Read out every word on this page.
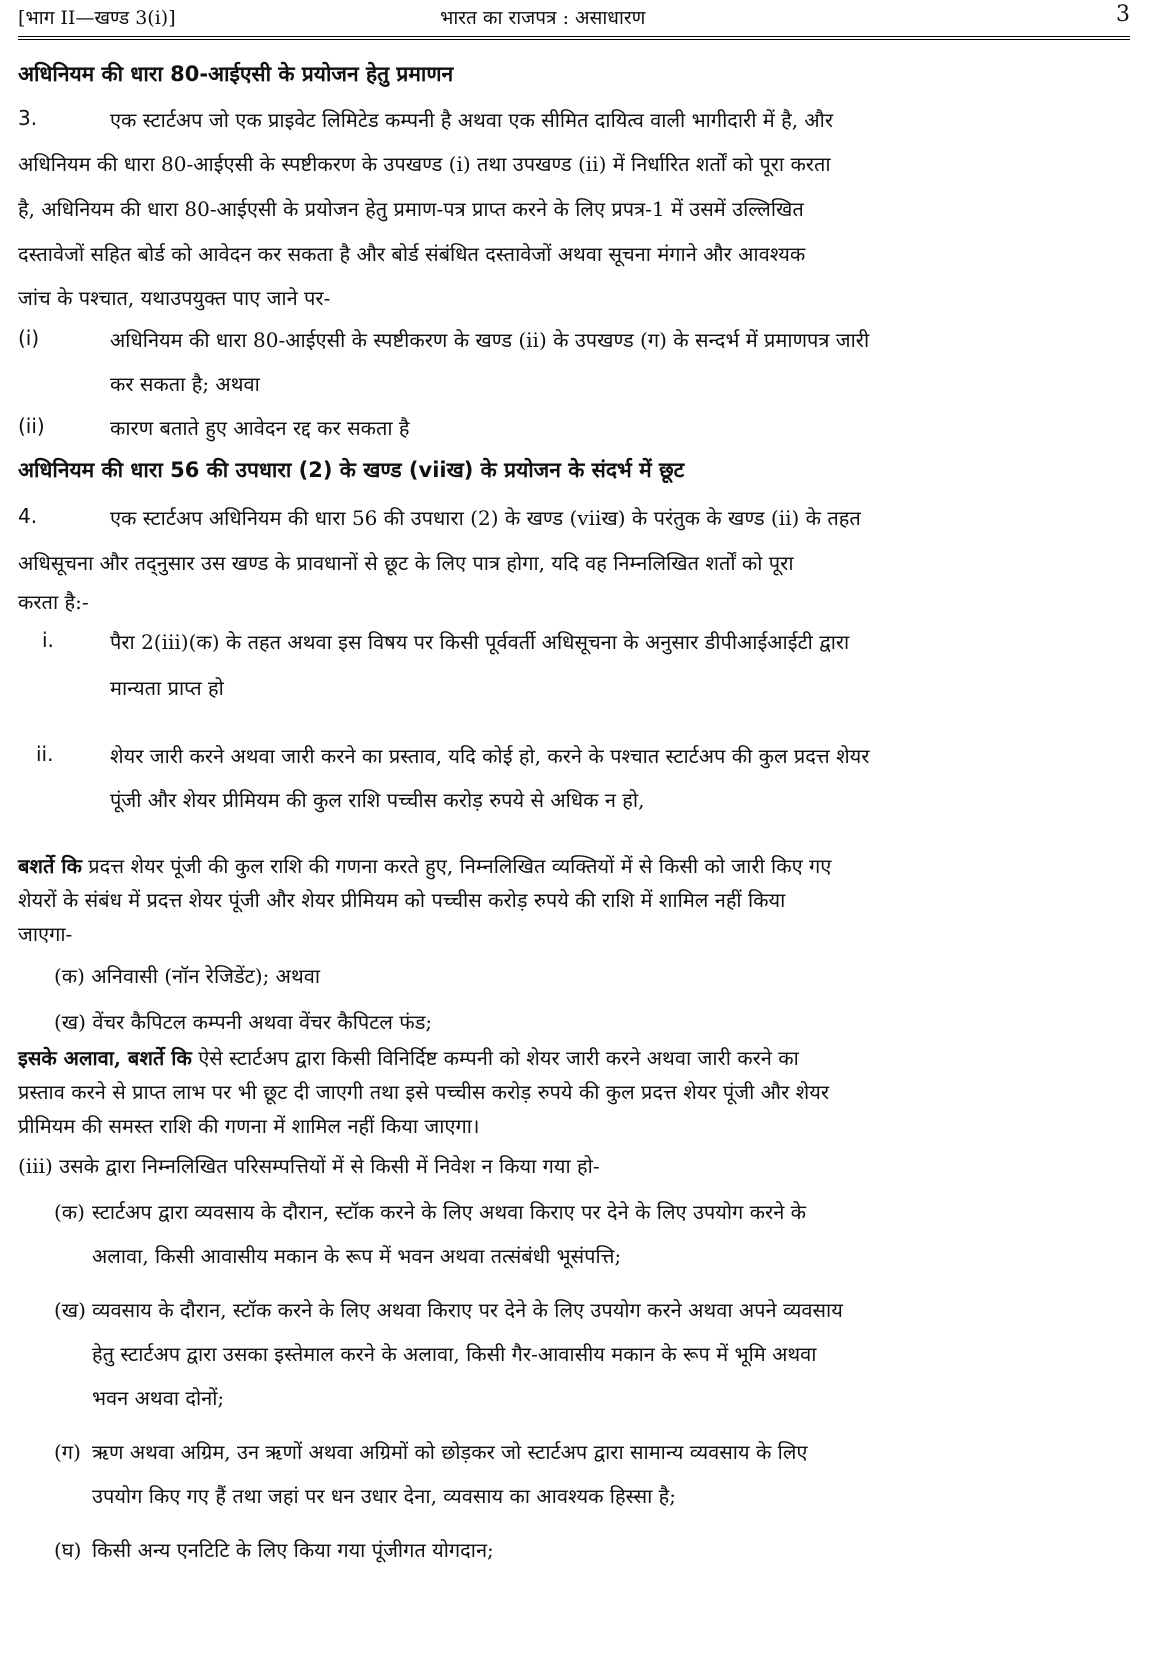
[भाग II—खण्ड 3(i)]	भारत का राजपत्र : असाधारण	3
अधिनियम की धारा 80-आईएसी के प्रयोजन हेतु प्रमाणन
3.	एक स्टार्टअप जो एक प्राइवेट लिमिटेड कम्पनी है अथवा एक सीमित दायित्व वाली भागीदारी में है, और
अधिनियम की धारा 80-आईएसी के स्पष्टीकरण के उपखण्ड (i) तथा उपखण्ड (ii) में निर्धारित शर्तों को पूरा करता
है, अधिनियम की धारा 80-आईएसी के प्रयोजन हेतु प्रमाण-पत्र प्राप्त करने के लिए प्रपत्र-1 में उसमें उल्लिखित
दस्तावेजों सहित बोर्ड को आवेदन कर सकता है और बोर्ड संबंधित दस्तावेजों अथवा सूचना मंगाने और आवश्यक
जांच के पश्चात, यथाउपयुक्त पाए जाने पर-
(i)	अधिनियम की धारा 80-आईएसी के स्पष्टीकरण के खण्ड (ii) के उपखण्ड (ग) के सन्दर्भ में प्रमाणपत्र जारी
कर सकता है; अथवा
(ii)	कारण बताते हुए आवेदन रद्द कर सकता है
अधिनियम की धारा 56 की उपधारा (2) के खण्ड (viiख) के प्रयोजन के संदर्भ में छूट
4.	एक स्टार्टअप अधिनियम की धारा 56 की उपधारा (2) के खण्ड (viiख) के परंतुक के खण्ड (ii) के तहत
अधिसूचना और तद्नुसार उस खण्ड के प्रावधानों से छूट के लिए पात्र होगा, यदि वह निम्नलिखित शर्तों को पूरा
करता है:-
i.	पैरा 2(iii)(क) के तहत अथवा इस विषय पर किसी पूर्ववर्ती अधिसूचना के अनुसार डीपीआईआईटी द्वारा
मान्यता प्राप्त हो
ii.	शेयर जारी करने अथवा जारी करने का प्रस्ताव, यदि कोई हो, करने के पश्चात स्टार्टअप की कुल प्रदत्त शेयर
पूंजी और शेयर प्रीमियम की कुल राशि पच्चीस करोड़ रुपये से अधिक न हो,
बशर्ते कि प्रदत्त शेयर पूंजी की कुल राशि की गणना करते हुए, निम्नलिखित व्यक्तियों में से किसी को जारी किए गए
शेयरों के संबंध में प्रदत्त शेयर पूंजी और शेयर प्रीमियम को पच्चीस करोड़ रुपये की राशि में शामिल नहीं किया
जाएगा-
(क) अनिवासी (नॉन रेजिडेंट); अथवा
(ख) वेंचर कैपिटल कम्पनी अथवा वेंचर कैपिटल फंड;
इसके अलावा, बशर्ते कि ऐसे स्टार्टअप द्वारा किसी विनिर्दिष्ट कम्पनी को शेयर जारी करने अथवा जारी करने का
प्रस्ताव करने से प्राप्त लाभ पर भी छूट दी जाएगी तथा इसे पच्चीस करोड़ रुपये की कुल प्रदत्त शेयर पूंजी और शेयर
प्रीमियम की समस्त राशि की गणना में शामिल नहीं किया जाएगा।
(iii) उसके द्वारा निम्नलिखित परिसम्पत्तियों में से किसी में निवेश न किया गया हो-
(क) स्टार्टअप द्वारा व्यवसाय के दौरान, स्टॉक करने के लिए अथवा किराए पर देने के लिए उपयोग करने के
अलावा, किसी आवासीय मकान के रूप में भवन अथवा तत्संबंधी भूसंपत्ति;
(ख) व्यवसाय के दौरान, स्टॉक करने के लिए अथवा किराए पर देने के लिए उपयोग करने अथवा अपने व्यवसाय
हेतु स्टार्टअप द्वारा उसका इस्तेमाल करने के अलावा, किसी गैर-आवासीय मकान के रूप में भूमि अथवा
भवन अथवा दोनों;
(ग) ऋण अथवा अग्रिम, उन ऋणों अथवा अग्रिमों को छोड़कर जो स्टार्टअप द्वारा सामान्य व्यवसाय के लिए
उपयोग किए गए हैं तथा जहां पर धन उधार देना, व्यवसाय का आवश्यक हिस्सा है;
(घ) किसी अन्य एनटिटि के लिए किया गया पूंजीगत योगदान;
